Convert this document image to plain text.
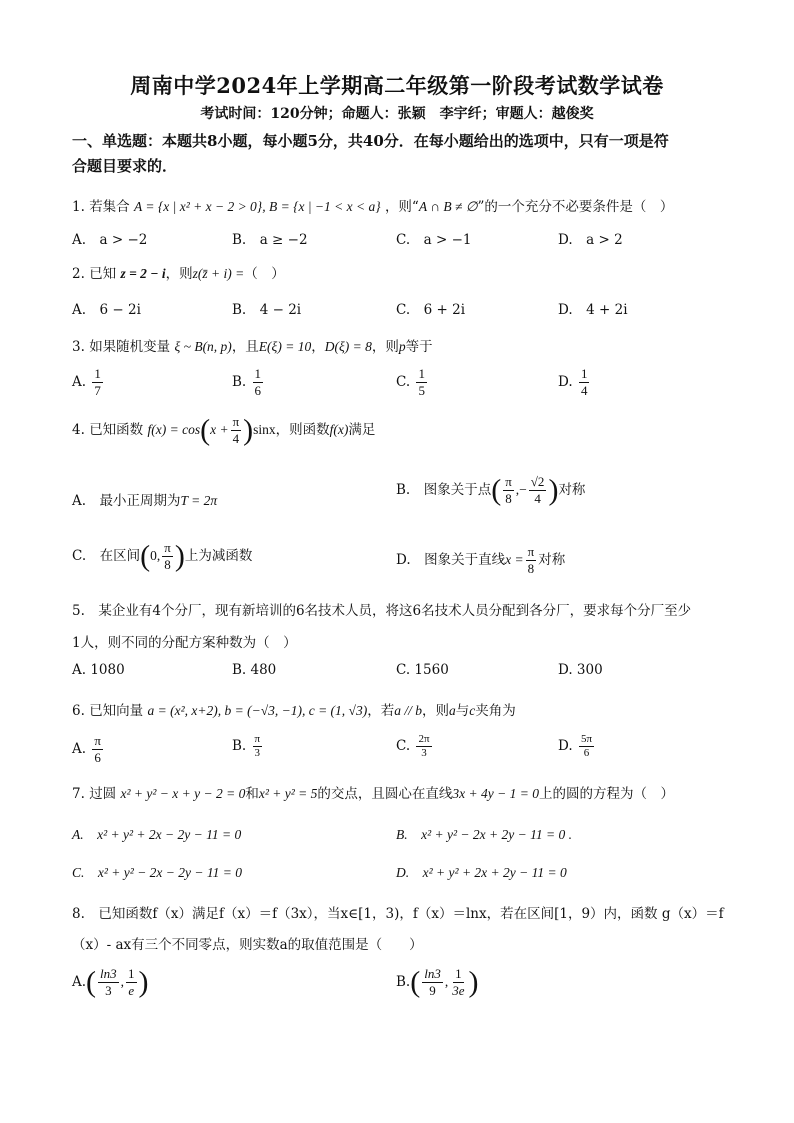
周南中学2024年上学期高二年级第一阶段考试数学试卷
考试时间：120分钟；命题人：张颖　李宇纤；审题人：越俊奖
一、单选题：本题共8小题，每小题5分，共40分．在每小题给出的选项中，只有一项是符
合题目要求的．
1. 若集合 A = {x | x² + x − 2 > 0}, B = {x | −1 < x < a} ，则“A ∩ B ≠ ∅”的一个充分不必要条件是（　）
A.　a > −2	B.　a ≥ −2	C.　a > −1	D.　a > 2
2. 已知 z = 2 − i，则z(z̄ + i) =（　）
A.　6 − 2i	B.　4 − 2i	C.　6 + 2i	D.　4 + 2i
3. 如果随机变量 ξ ~ B(n, p)，且E(ξ) = 10，D(ξ) = 8，则p等于
A. $\frac{1}{7}$	B. $\frac{1}{6}$	C. $\frac{1}{5}$	D. $\frac{1}{4}$
4. 已知函数 $f(x) = \cos(x + \frac{\pi}{4} )\sin x$，则函数f(x)满足
A.　最小正周期为T = 2π
B.　图象关于点( $\frac{\pi}{8}$ ,− $\frac{√2}{4}$ )对称
C.　在区间(0, $\frac{\pi}{8}$ )上为减函数	D.　图象关于直线$x = \frac{\pi}{8}$ 对称
5.　某企业有4个分厂，现有新培训的6名技术人员，将这6名技术人员分配到各分厂，要求每个分厂至少
1人，则不同的分配方案种数为（　）
A. 1080	B. 480	C. 1560	D. 300
6. 已知向量 a = (x², x+2), b = (−√3, −1), c = (1, √3)，若a // b，则a与c夹角为
A. $\frac{\pi}{6}$	B. $\frac{\pi}{3}$	C. $\frac{2\pi}{3}$	D. $\frac{5\pi}{6}$
7. 过圆 x² + y² − x + y − 2 = 0和x² + y² = 5的交点，且圆心在直线3x + 4y − 1 = 0上的圆的方程为（　）
A.　x² + y² + 2x − 2y − 11 = 0	B.　x² + y² − 2x + 2y − 11 = 0 .
C.　x² + y² − 2x − 2y − 11 = 0	D.　x² + y² + 2x + 2y − 11 = 0
8.　已知函数f（x）满足f（x）＝f（3x），当x∈[1，3)，f（x）＝lnx，若在区间[1，9）内，函数 g（x）＝f
（x）- ax有三个不同零点，则实数a的取值范围是（　　）
$A.( \frac{\ln 3}{3}$ , $\frac{1}{e}$ )	$B.( \frac{\ln 3}{9}$ , $\frac{1}{3e}$ )
